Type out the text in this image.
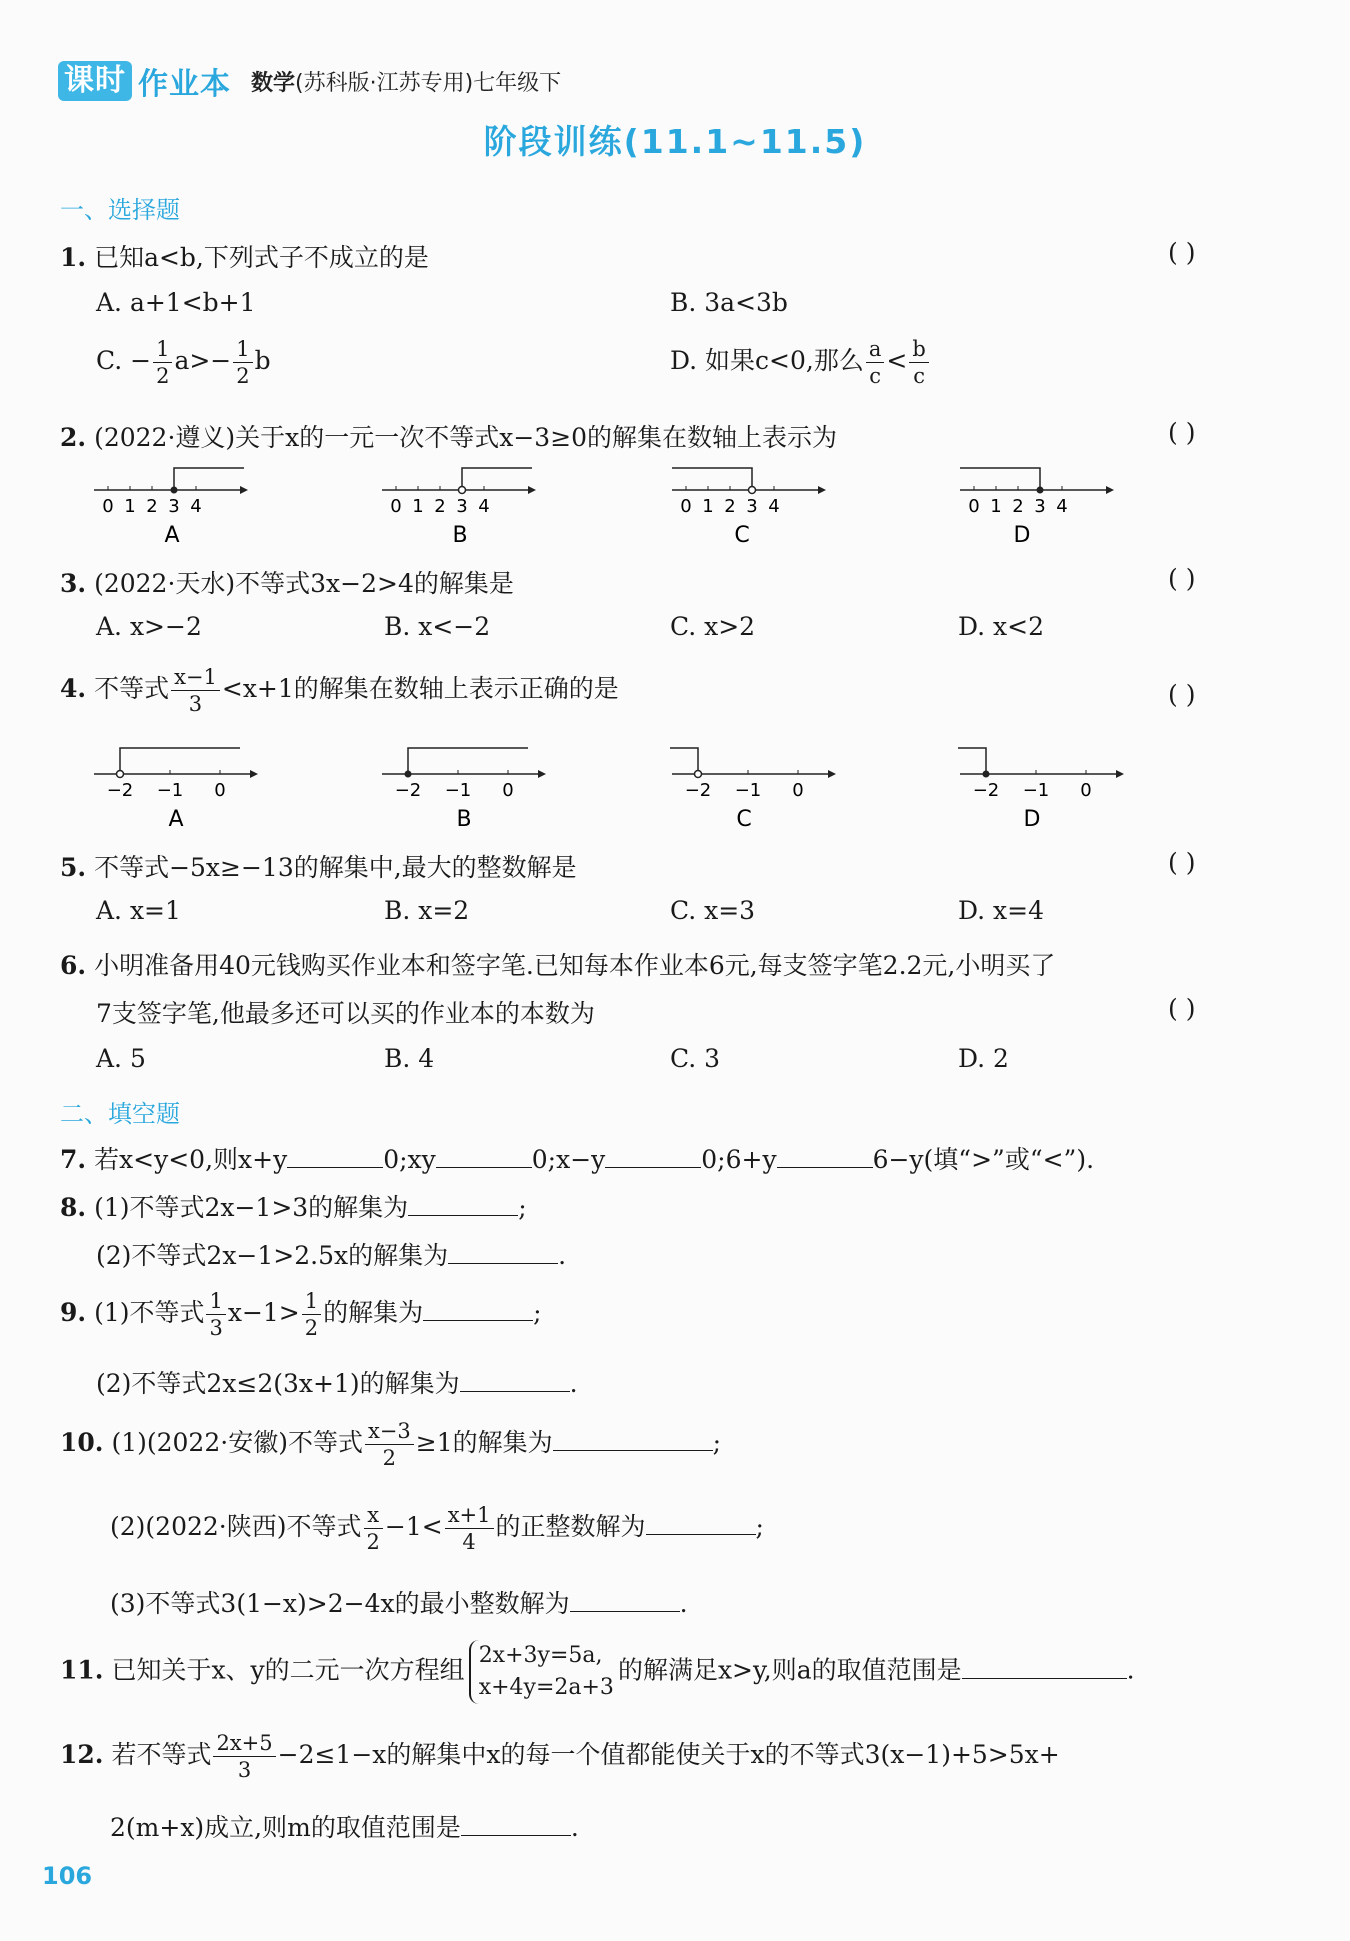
课时 作业本 数学(苏科版·江苏专用)七年级下
阶段训练(11.1~11.5)
一、选择题
1. 已知a<b,下列式子不成立的是	( )
A. a+1<b+1	B. 3a<3b
C. − $\frac{1}{2} a>- \frac{1}{2}$ b	D. 如果c<0,那么 $\frac{a}{c} < \frac{b}{c}$
2. (2022·遵义)关于x的一元一次不等式x−3≥0的解集在数轴上表示为	( )
0 1 2 3 4
A
0 1 2 3 4
B
0 1 2 3 4
C
0 1 2 3 4
D
3. (2022·天水)不等式3x−2>4的解集是	( )
A. x>−2	B. x<−2	C. x>2	D. x<2
4. 不等式 $\frac{x-1}{3} <x+1$的解集在数轴上表示正确的是	( )
−2 −1 0
A
−2 −1 0
B
−2 −1 0
C
−2 −1 0
D
5. 不等式−5x≥−13的解集中,最大的整数解是	( )
A. x=1	B. x=2	C. x=3	D. x=4
6. 小明准备用40元钱购买作业本和签字笔.已知每本作业本6元,每支签字笔2.2元,小明买了
7支签字笔,他最多还可以买的作业本的本数为	( )
A. 5	B. 4	C. 3	D. 2
二、填空题
7. 若x<y<0,则x+y	0;xy	0;x−y	0;6+y	6−y(填“>”或“<”).
8. (1)不等式2x−1>3的解集为	;
(2)不等式2x−1>2.5x的解集为	.
9. (1)不等式 $\frac{1}{3} x-1> \frac{1}{2}$ 的解集为	;
(2)不等式2x≤2(3x+1)的解集为	.
10. (1)(2022·安徽)不等式 $\frac{x-3}{2} \ge 1$的解集为	;
(2)(2022·陕西)不等式 $\frac{x}{2} -1< \frac{x+1}{4}$ 的正整数解为	;
(3)不等式3(1−x)>2−4x的最小整数解为	.
11. 已知关于x、y的二元一次方程组 2x+3y=5a,
x+4y=2a+3
的解满足x>y,则a的取值范围是	.
12. 若不等式 $\frac{2x+5}{3} -2\le 1-x$的解集中x的每一个值都能使关于x的不等式3(x−1)+5>5x+
2(m+x)成立,则m的取值范围是	.
106
